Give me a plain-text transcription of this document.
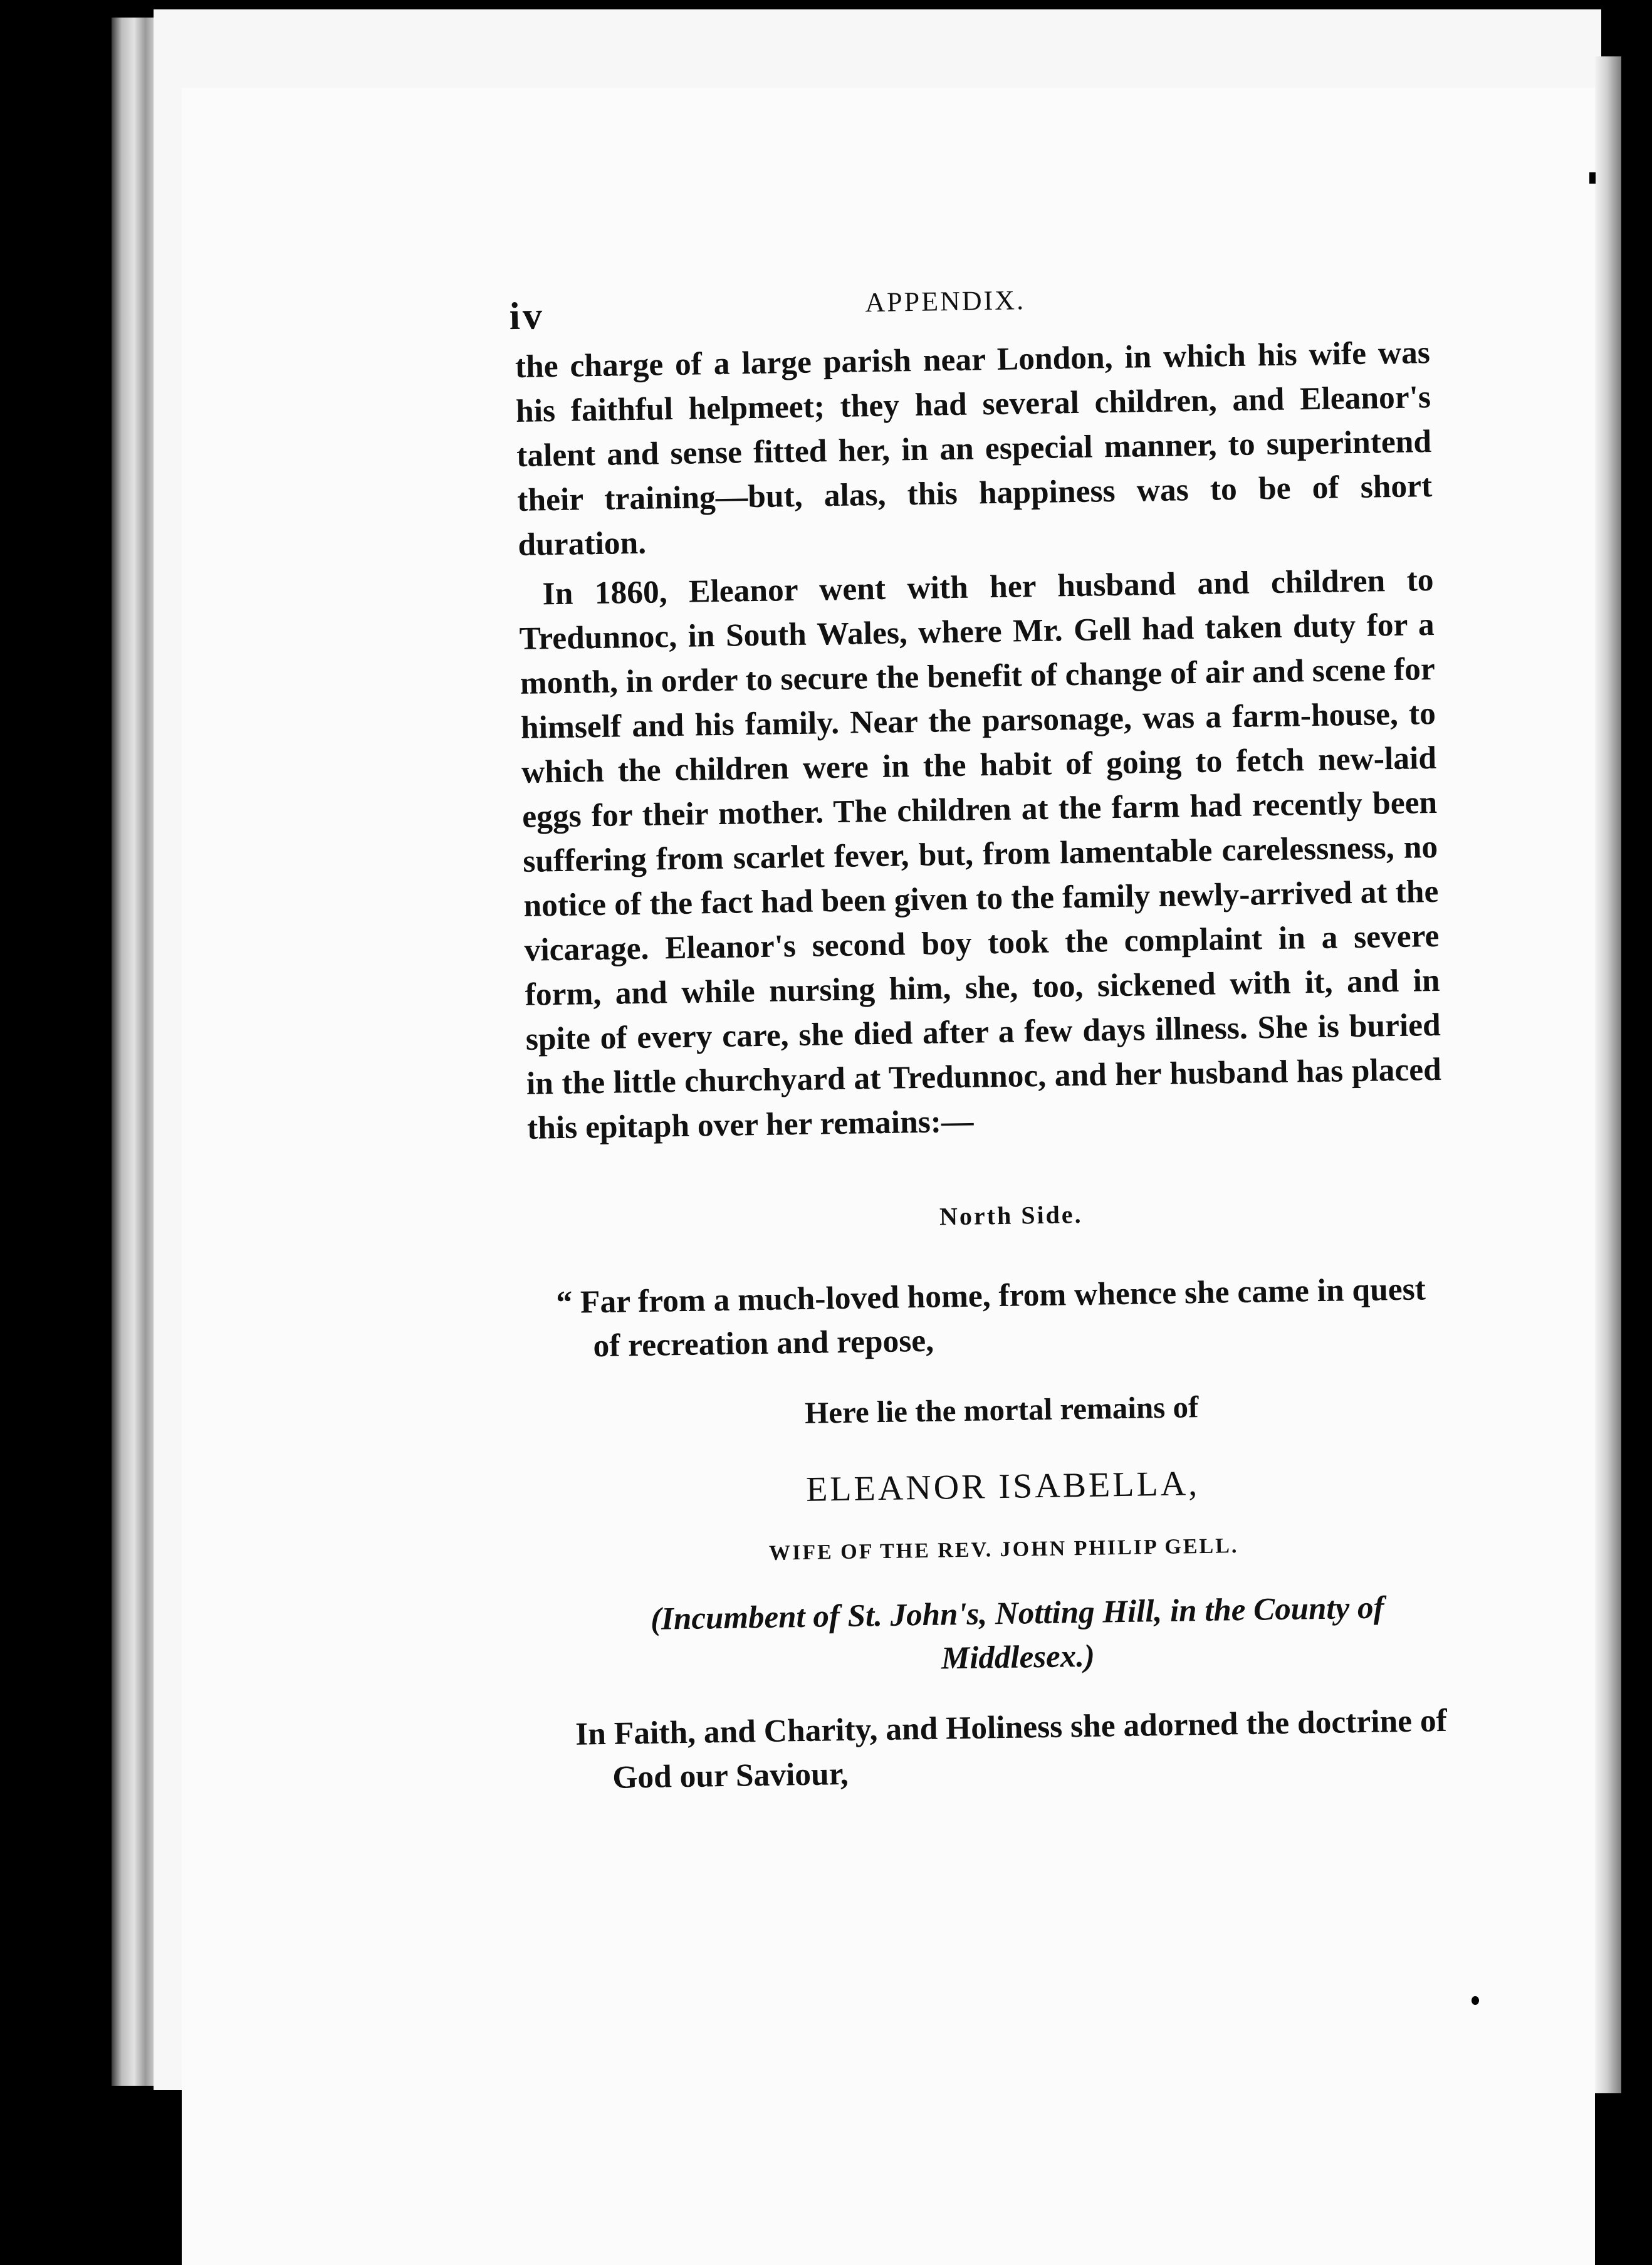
iv	APPENDIX.

the charge of a large parish near London, in which his wife was his faithful helpmeet; they had several children, and Eleanor's talent and sense fitted her, in an especial manner, to superintend their training—but, alas, this happiness was to be of short duration.

In 1860, Eleanor went with her husband and children to Tredunnoc, in South Wales, where Mr. Gell had taken duty for a month, in order to secure the benefit of change of air and scene for himself and his family. Near the parsonage, was a farm-house, to which the children were in the habit of going to fetch new-laid eggs for their mother. The children at the farm had recently been suffering from scarlet fever, but, from lamentable carelessness, no notice of the fact had been given to the family newly-arrived at the vicarage. Eleanor's second boy took the complaint in a severe form, and while nursing him, she, too, sickened with it, and in spite of every care, she died after a few days illness. She is buried in the little churchyard at Tredunnoc, and her husband has placed this epitaph over her remains:—

North Side.

“ Far from a much-loved home, from whence she came in quest of recreation and repose,

Here lie the mortal remains of
ELEANOR ISABELLA,
WIFE OF THE REV. JOHN PHILIP GELL.
(Incumbent of St. John's, Notting Hill, in the County of Middlesex.)

In Faith, and Charity, and Holiness she adorned the doctrine of God our Saviour,
